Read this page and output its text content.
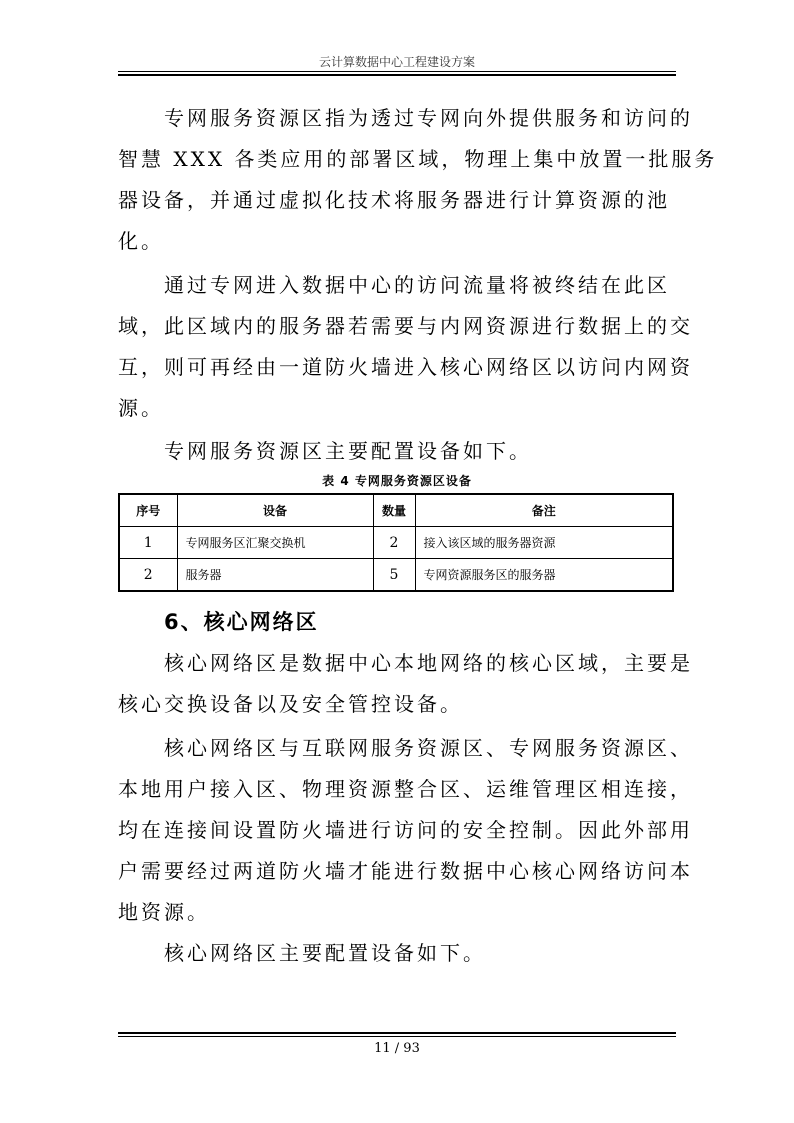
云计算数据中心工程建设方案
专网服务资源区指为透过专网向外提供服务和访问的
智慧 XXX 各类应用的部署区域，物理上集中放置一批服务
器设备，并通过虚拟化技术将服务器进行计算资源的池
化。
通过专网进入数据中心的访问流量将被终结在此区
域，此区域内的服务器若需要与内网资源进行数据上的交
互，则可再经由一道防火墙进入核心网络区以访问内网资
源。
专网服务资源区主要配置设备如下。
表 4 专网服务资源区设备
序号	设备	数量	备注
1	专网服务区汇聚交换机	2	接入该区域的服务器资源
2	服务器	5	专网资源服务区的服务器
6、核心网络区
核心网络区是数据中心本地网络的核心区域，主要是
核心交换设备以及安全管控设备。
核心网络区与互联网服务资源区、专网服务资源区、
本地用户接入区、物理资源整合区、运维管理区相连接，
均在连接间设置防火墙进行访问的安全控制。因此外部用
户需要经过两道防火墙才能进行数据中心核心网络访问本
地资源。
核心网络区主要配置设备如下。
11 / 93
